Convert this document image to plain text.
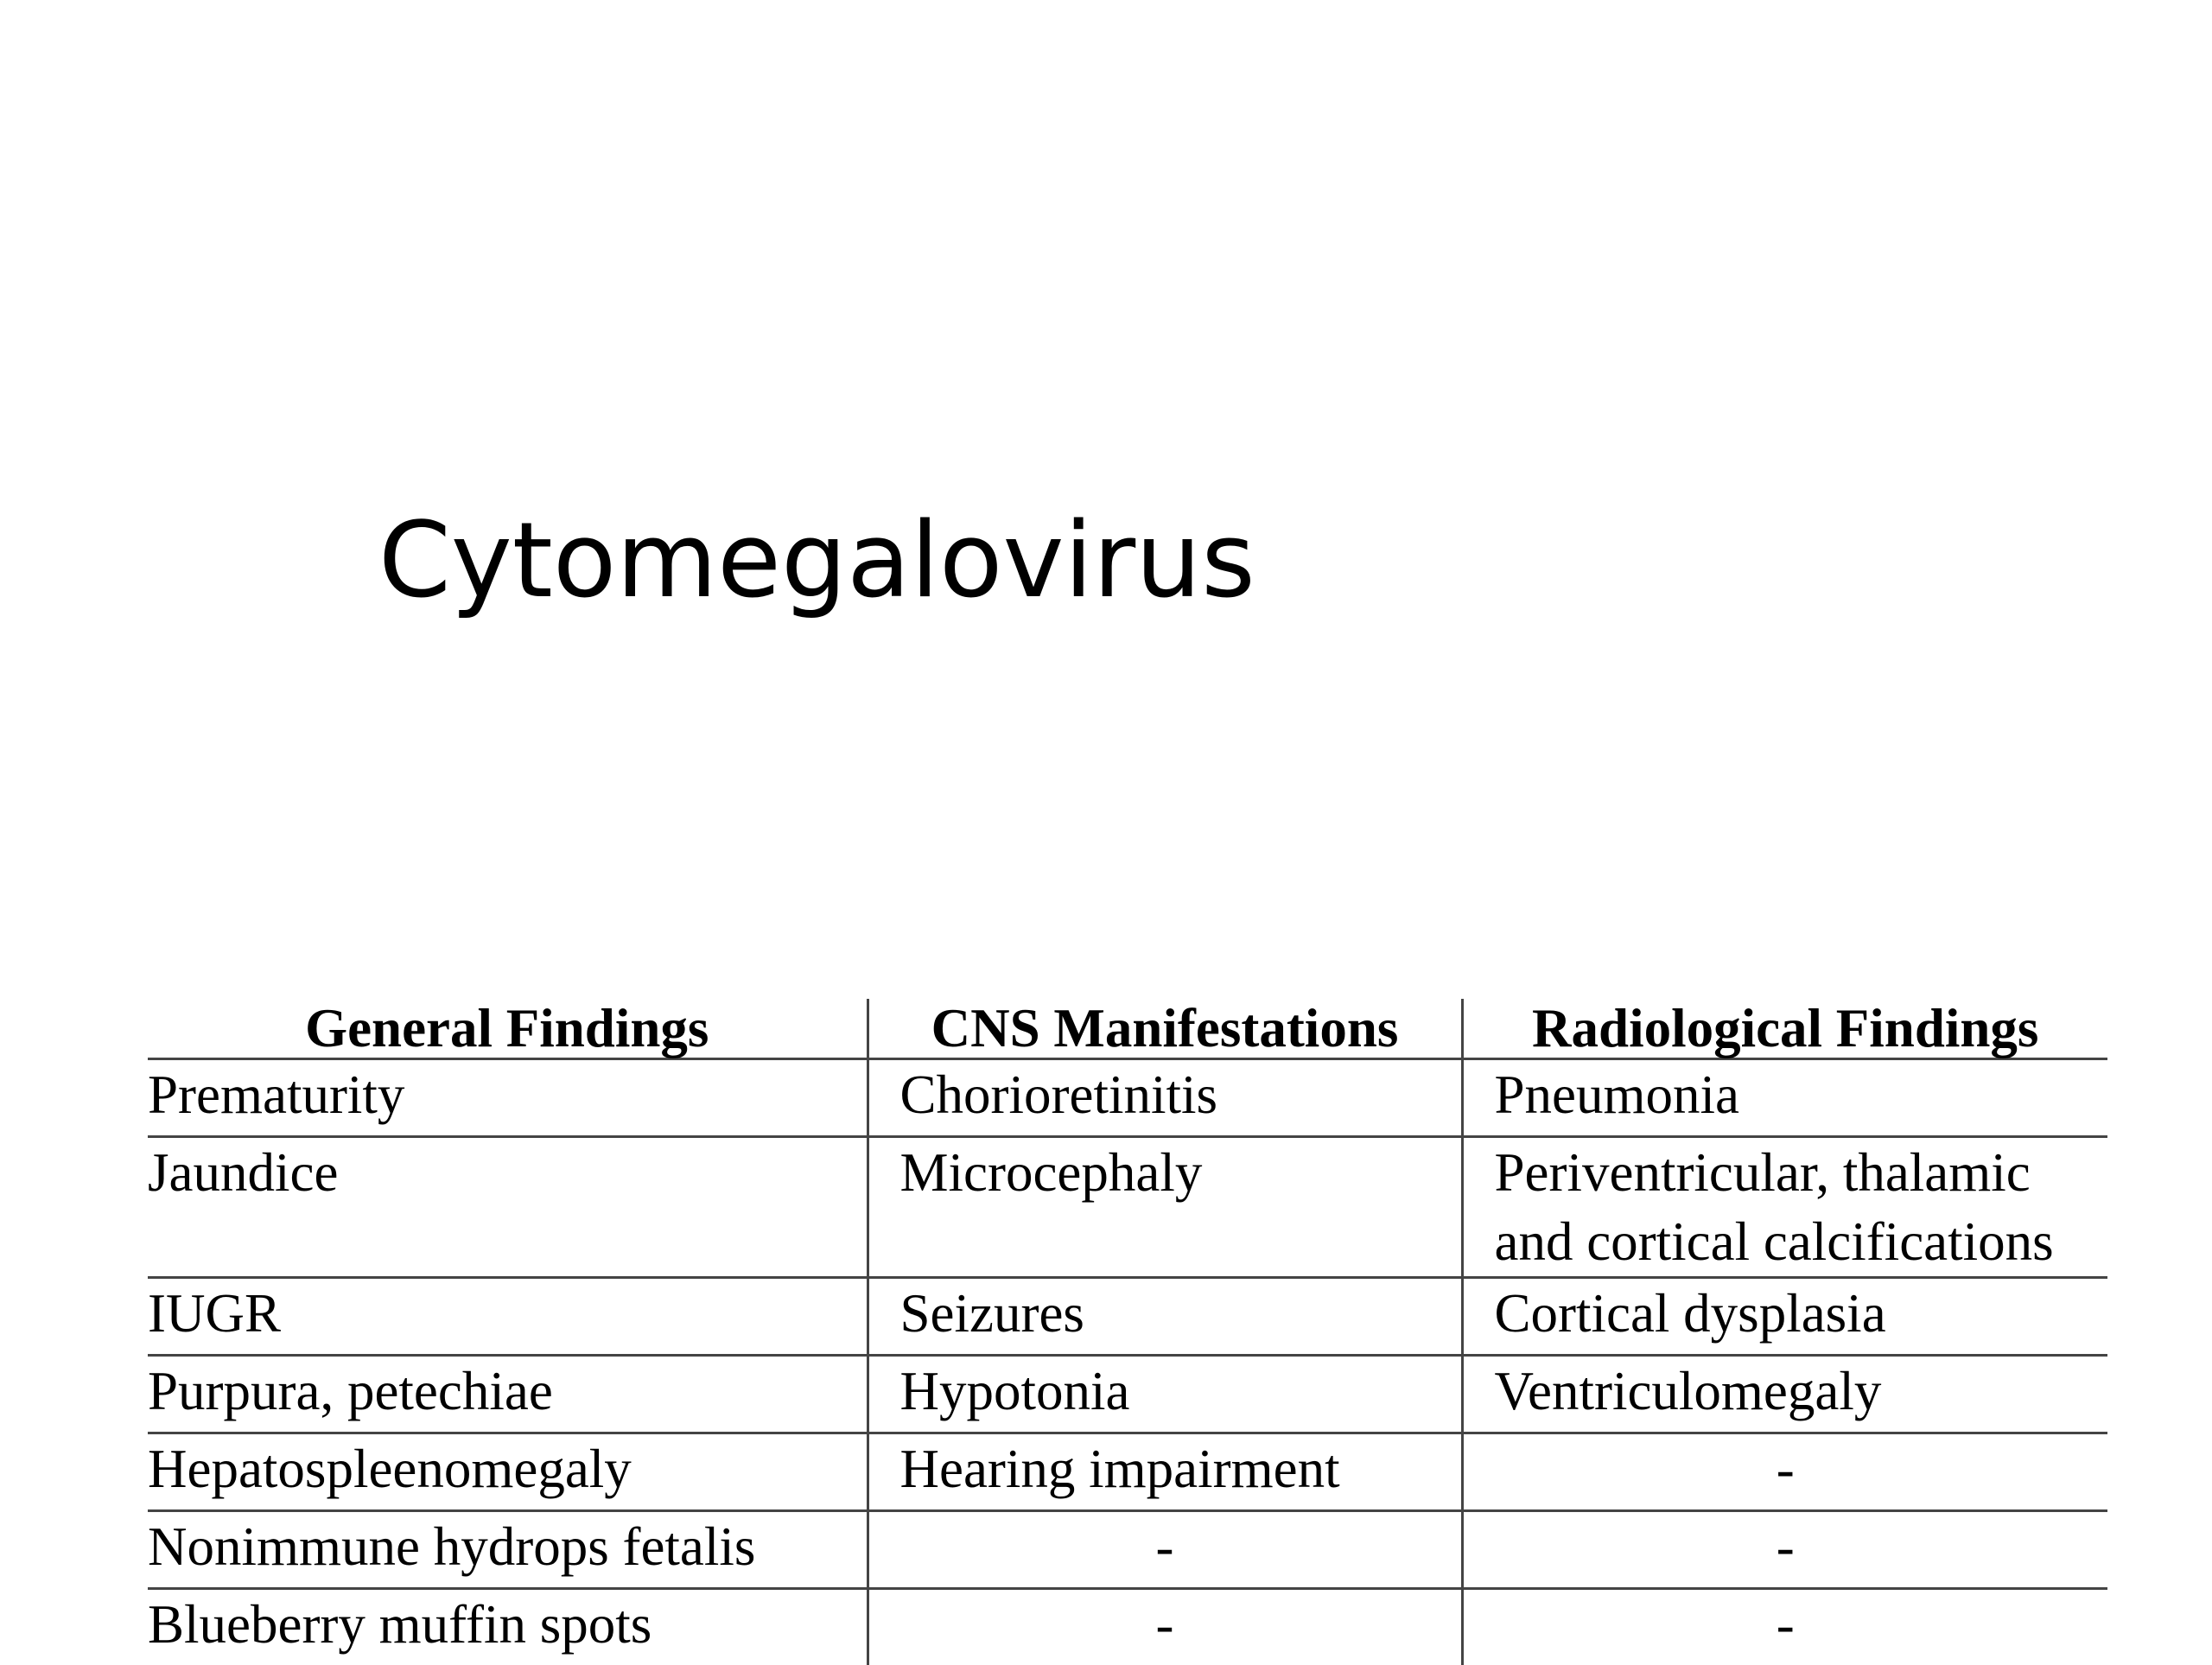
Cytomegalovirus
General Findings	CNS Manifestations	Radiological Findings
Prematurity	Chorioretinitis	Pneumonia
Jaundice	Microcephaly	Periventricular, thalamic and cortical calcifications

IUGR	Seizures	Cortical dysplasia
Purpura, petechiae	Hypotonia	Ventriculomegaly
Hepatospleenomegaly	Hearing impairment	-
Nonimmune hydrops fetalis	-	-
Blueberry muffin spots	-	-
